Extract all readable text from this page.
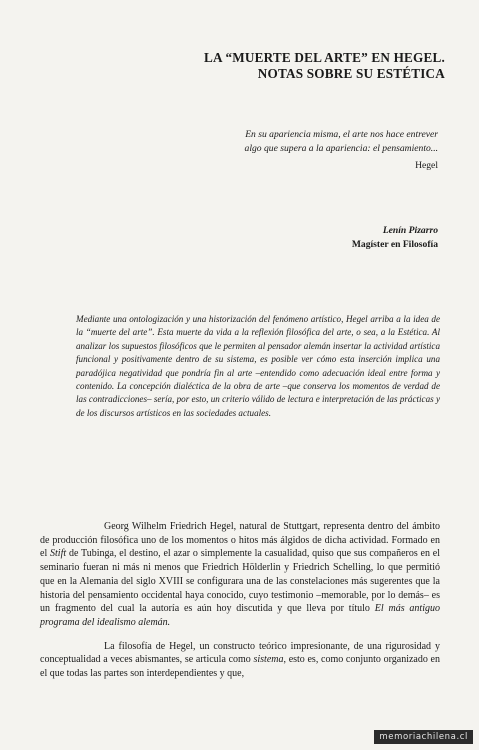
LA “MUERTE DEL ARTE” EN HEGEL.
NOTAS SOBRE SU ESTÉTICA
En su apariencia misma, el arte nos hace entrever
algo que supera a la apariencia: el pensamiento...
Hegel
Lenín Pizarro
Magíster en Filosofía
Mediante una ontologización y una historización del fenómeno artístico, Hegel arriba a la idea de la “muerte del arte”. Esta muerte da vida a la reflexión filosófica del arte, o sea, a la Estética. Al analizar los supuestos filosóficos que le permiten al pensador alemán insertar la actividad artística funcional y positivamente dentro de su sistema, es posible ver cómo esta inserción implica una paradójica negatividad que pondría fin al arte –entendido como adecuación ideal entre forma y contenido. La concepción dialéctica de la obra de arte –que conserva los momentos de verdad de las contradicciones– sería, por esto, un criterio válido de lectura e interpretación de las prácticas y de los discursos artísticos en las sociedades actuales.

Georg Wilhelm Friedrich Hegel, natural de Stuttgart, representa dentro del ámbito de producción filosófica uno de los momentos o hitos más álgidos de dicha actividad. Formado en el Stift de Tubinga, el destino, el azar o simplemente la casualidad, quiso que sus compañeros en el seminario fueran ni más ni menos que Friedrich Hölderlin y Friedrich Schelling, lo que permitió que en la Alemania del siglo XVIII se configurara una de las constelaciones más sugerentes que la historia del pensamiento occidental haya conocido, cuyo testimonio –memorable, por lo demás– es un fragmento del cual la autoría es aún hoy discutida y que lleva por título El más antiguo programa del idealismo alemán.

La filosofía de Hegel, un constructo teórico impresionante, de una rigurosidad y conceptualidad a veces abismantes, se articula como sistema, esto es, como conjunto organizado en el que todas las partes son interdependientes y que,

memoriachilena.cl
